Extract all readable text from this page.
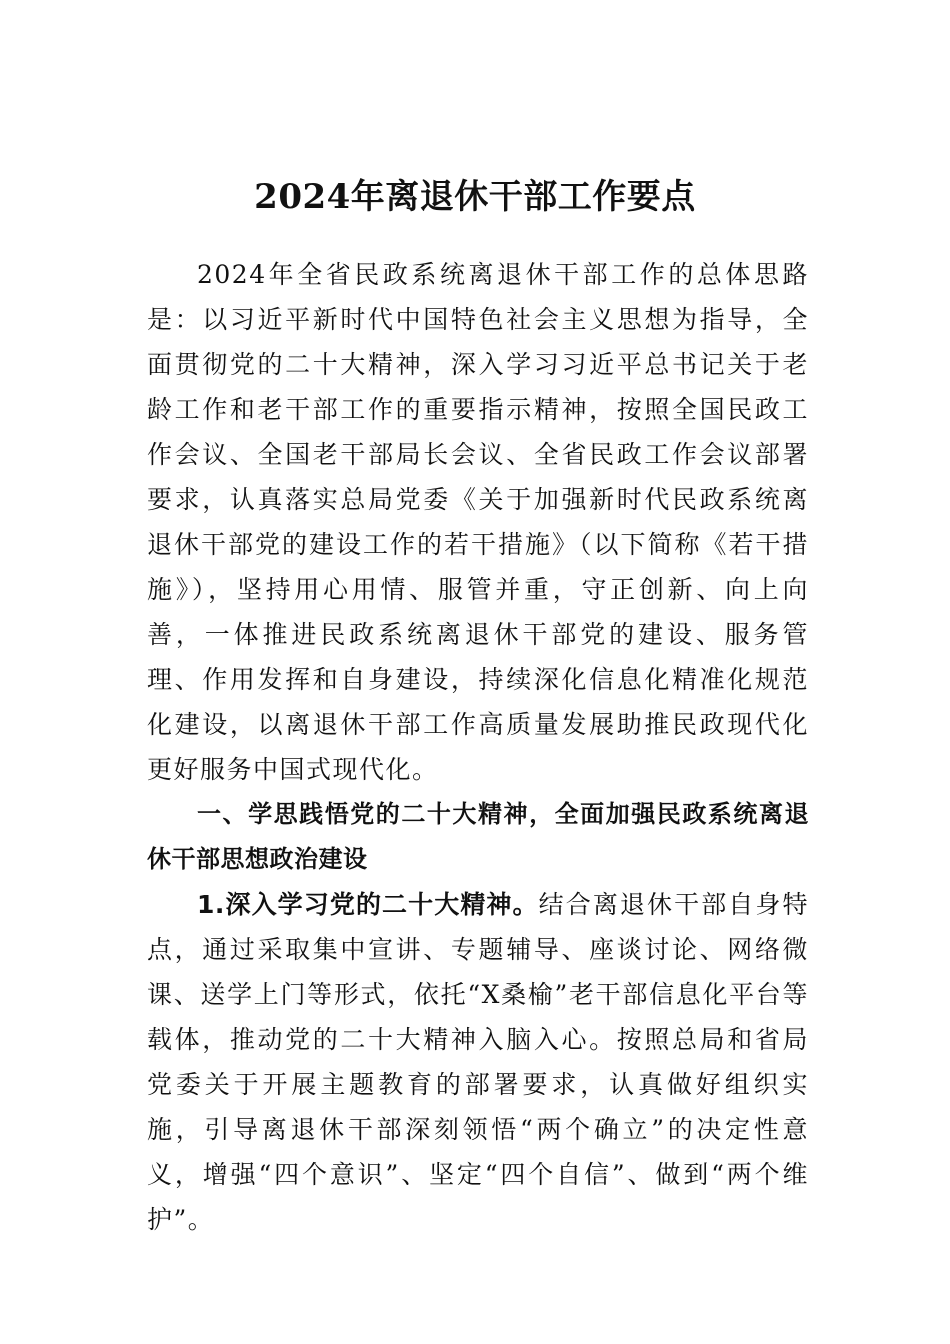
2024年离退休干部工作要点

2024年全省民政系统离退休干部工作的总体思路是：以习近平新时代中国特色社会主义思想为指导，全面贯彻党的二十大精神，深入学习习近平总书记关于老龄工作和老干部工作的重要指示精神，按照全国民政工作会议、全国老干部局长会议、全省民政工作会议部署要求，认真落实总局党委《关于加强新时代民政系统离退休干部党的建设工作的若干措施》（以下简称《若干措施》），坚持用心用情、服管并重，守正创新、向上向善，一体推进民政系统离退休干部党的建设、服务管理、作用发挥和自身建设，持续深化信息化精准化规范化建设，以离退休干部工作高质量发展助推民政现代化更好服务中国式现代化。

一、学思践悟党的二十大精神，全面加强民政系统离退休干部思想政治建设

1.深入学习党的二十大精神。结合离退休干部自身特点，通过采取集中宣讲、专题辅导、座谈讨论、网络微课、送学上门等形式，依托“X桑榆”老干部信息化平台等载体，推动党的二十大精神入脑入心。按照总局和省局党委关于开展主题教育的部署要求，认真做好组织实施，引导离退休干部深刻领悟“两个确立”的决定性意义，增强“四个意识”、坚定“四个自信”、做到“两个维护”。
